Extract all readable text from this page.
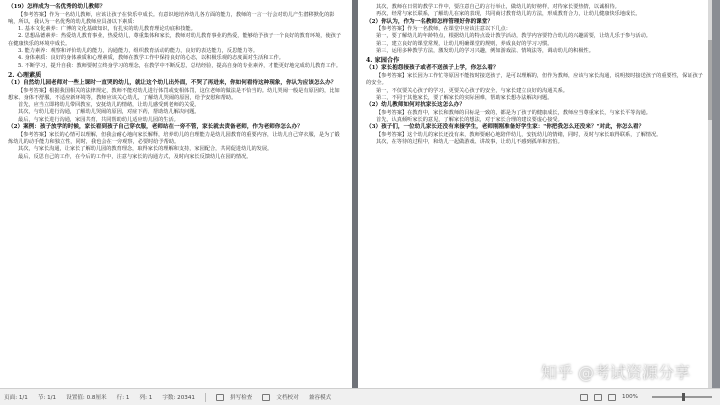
（19）怎样成为一名优秀的幼儿教师？

【参考答案】作为一名幼儿教师，应该让孩子在快乐中成长。有意识地培养幼儿各方面的能力，教师的一言一行会对幼儿产生潜移默化的影响，所以，我认为一名优秀的幼儿教师应具备以下素质：

1. 基本文化素养：广博的文化基础知识，有扎实的幼儿教育理论功底和技能。

2. 思想品德素养：热爱幼儿教育事业，热爱幼儿，尊重集体和家长，教师对幼儿教育事业的热爱，能够给予孩子一个良好的教育环境，使孩子在健康快乐的环境中成长。

3. 能力素养：观察和评价幼儿的能力，沟通能力，组织教育活动的能力，良好的表达能力，反思能力等。

4. 身体素质：良好的身体素质和心理素质，教师在教学工作中保持良好的心态，以积极乐观的态度面对生活和工作。

5. 不断学习，提升自我：教师要树立终身学习的理念，在教学中不断反思，总结经验，提高自身的专业素养，才能更好地完成幼儿教育工作。

2. 心理素质

（1）自然幼儿园老师对一些上课时一直哭的幼儿，就让这个幼儿出外面，不哭了再进来，你如何看待这种现象，你认为应该怎么办？

【参考答案】根据我国相关的法律规定，教师不能对幼儿进行体罚或变相体罚，这位老师的做法是不恰当的。幼儿哭闹一般是有原因的，比如想家、身体不舒服、不适应新环境等，教师应该关心幼儿，了解幼儿哭闹的原因，给予安慰和帮助。

首先，应当立即将幼儿带回教室，安抚幼儿的情绪，让幼儿感受到老师的关爱。

其次，与幼儿进行沟通，了解幼儿哭闹的原因，对症下药，帮助幼儿解决问题。

最后，与家长进行沟通，家园共育，共同帮助幼儿适应幼儿园的生活。

（2）案例：孩子放学的时候，家长看到孩子自己穿衣服，老师站在一旁不管，家长就去责备老师，作为老师你怎么办？

【参考答案】家长的心情可以理解，但我会耐心地向家长解释，培养幼儿的自理能力是幼儿园教育的重要内容，让幼儿自己穿衣服，是为了锻炼幼儿的动手能力和独立性，同时，我也会在一旁观察，必要时给予帮助。

其次，与家长沟通，让家长了解幼儿园的教育理念，取得家长的理解和支持，家园配合，共同促进幼儿的发展。

最后，反思自己的工作，在今后的工作中，注意与家长的沟通方式，及时向家长反馈幼儿在园的情况。

其次，教师在日常的教学工作中，要注意自己的言行举止，做幼儿的好榜样，对待家长要热情，以诚相待。

再次，经常与家长联系，了解幼儿在家的表现，共同商讨教育幼儿的方法，形成教育合力，让幼儿健康快乐地成长。

（2）你认为，作为一名教师怎样管理好你的课堂？

【参考答案】作为一名教师，在课堂中应该注意以下几点：

第一，要了解幼儿的年龄特点，根据幼儿的特点设计教学活动，教学内容要符合幼儿的兴趣需要，让幼儿乐于参与活动。

第二，建立良好的课堂常规，让幼儿明确课堂的规则，养成良好的学习习惯。

第三，运用多种教学方法，激发幼儿的学习兴趣，例如游戏法、情境法等，调动幼儿的积极性。

4. 家园合作

（1）家长抱怨接孩子或者不送孩子上学，你怎么看？

【参考答案】家长因为工作忙等原因不能按时接送孩子，是可以理解的，但作为教师，应该与家长沟通，说明按时接送孩子的重要性，保证孩子的安全。

第一，不仅要关心孩子的学习，更要关心孩子的安全，与家长建立良好的沟通关系。

第二，不同于其他家长，要了解家长的实际困难，帮助家长想办法解决问题。

（2）幼儿教师如何对抗家长这怎么办？

【参考答案】在教育中，家长和教师的目标是一致的，都是为了孩子的健康成长，教师应当尊重家长，与家长平等沟通。

首先，认真倾听家长的意见，了解家长的想法，对于家长合理的建议要虚心接受。

（3）孩子们，一位幼儿家长还没有来接学生，老师刚刚准备好学生家："你把我怎么还没来？"对此，你怎么看？

【参考答案】这个幼儿的家长还没有来，教师要耐心地陪伴幼儿，安抚幼儿的情绪，同时，及时与家长取得联系，了解情况。

其次，在等待的过程中，和幼儿一起做游戏、讲故事，让幼儿不感到孤单和害怕。

知乎 @考试资源分享
页面: 1/1 节: 1/1 设置值: 0.8厘米 行: 1 列: 1 字数: 20341	拼写检查	文档校对 兼容模式	100%
